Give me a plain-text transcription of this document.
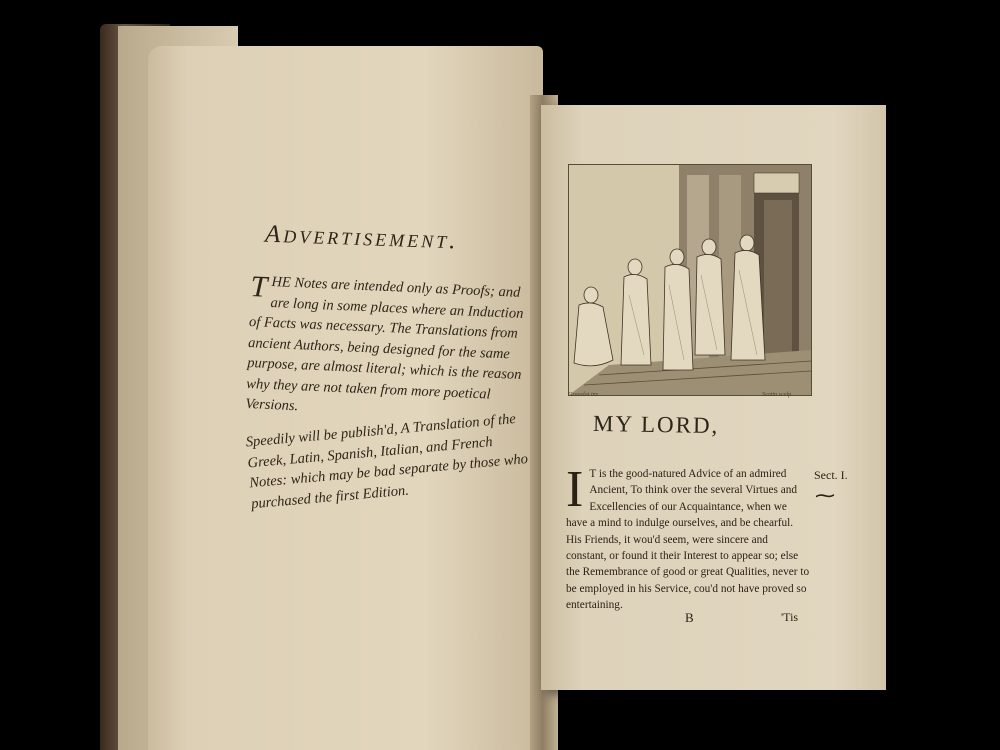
Advertisement.
T HE Notes are intended only as Proofs; and are long in some places where an Induction of Facts was necessary. The Translations from ancient Authors, being designed for the same purpose, are almost literal; which is the reason why they are not taken from more poetical Versions.
Speedily will be publish'd, A Translation of the Greek, Latin, Spanish, Italian, and French Notes: which may be bad separate by those who purchased the first Edition.
Gravelot inv.	Scotin sculp.
MY LORD,
I T is the good-natured Advice of an admired Ancient, To think over the several Virtues and Excellencies of our Acquaintance, when we have a mind to indulge ourselves, and be chearful. His Friends, it wou'd seem, were sincere and constant, or found it their Interest to appear so; else the Remembrance of good or great Qualities, never to be employed in his Service, cou'd not have proved so entertaining.
Sect. I.
⁓
B	'Tis
